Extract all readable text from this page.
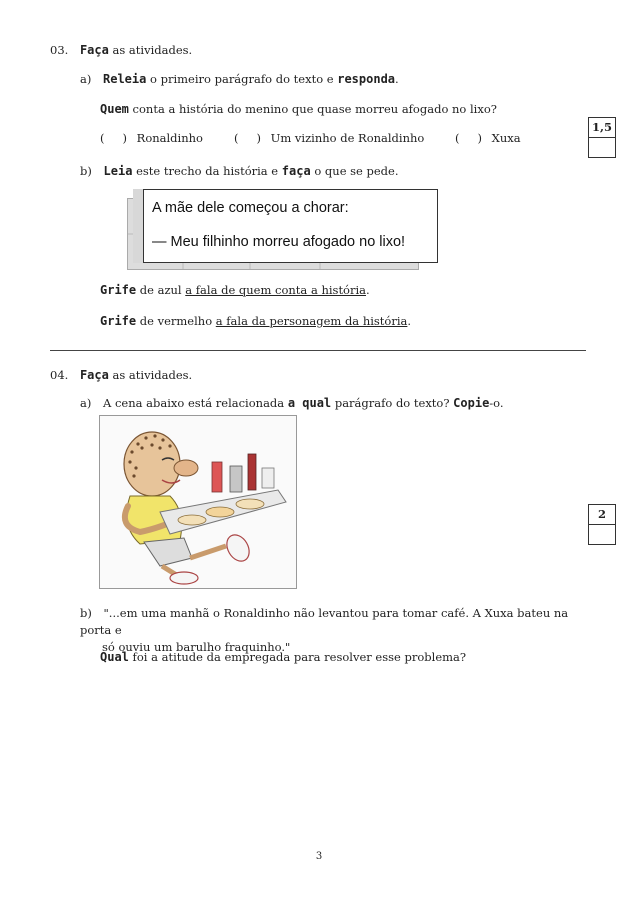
03. Faça as atividades.
a) Releia o primeiro parágrafo do texto e responda.
Quem conta a história do menino que quase morreu afogado no lixo?
( ) Ronaldinho	( ) Um vizinho de Ronaldinho	( ) Xuxa
1,5
b) Leia este trecho da história e faça o que se pede.
A mãe dele começou a chorar:
— Meu filhinho morreu afogado no lixo!
Grife de azul a fala de quem conta a história.
Grife de vermelho a fala da personagem da história.
04. Faça as atividades.
a) A cena abaixo está relacionada a qual parágrafo do texto? Copie-o.
2
b) "...em uma manhã o Ronaldinho não levantou para tomar café. A Xuxa bateu na porta e
só ouviu um barulho fraquinho."
Qual foi a atitude da empregada para resolver esse problema?
3
